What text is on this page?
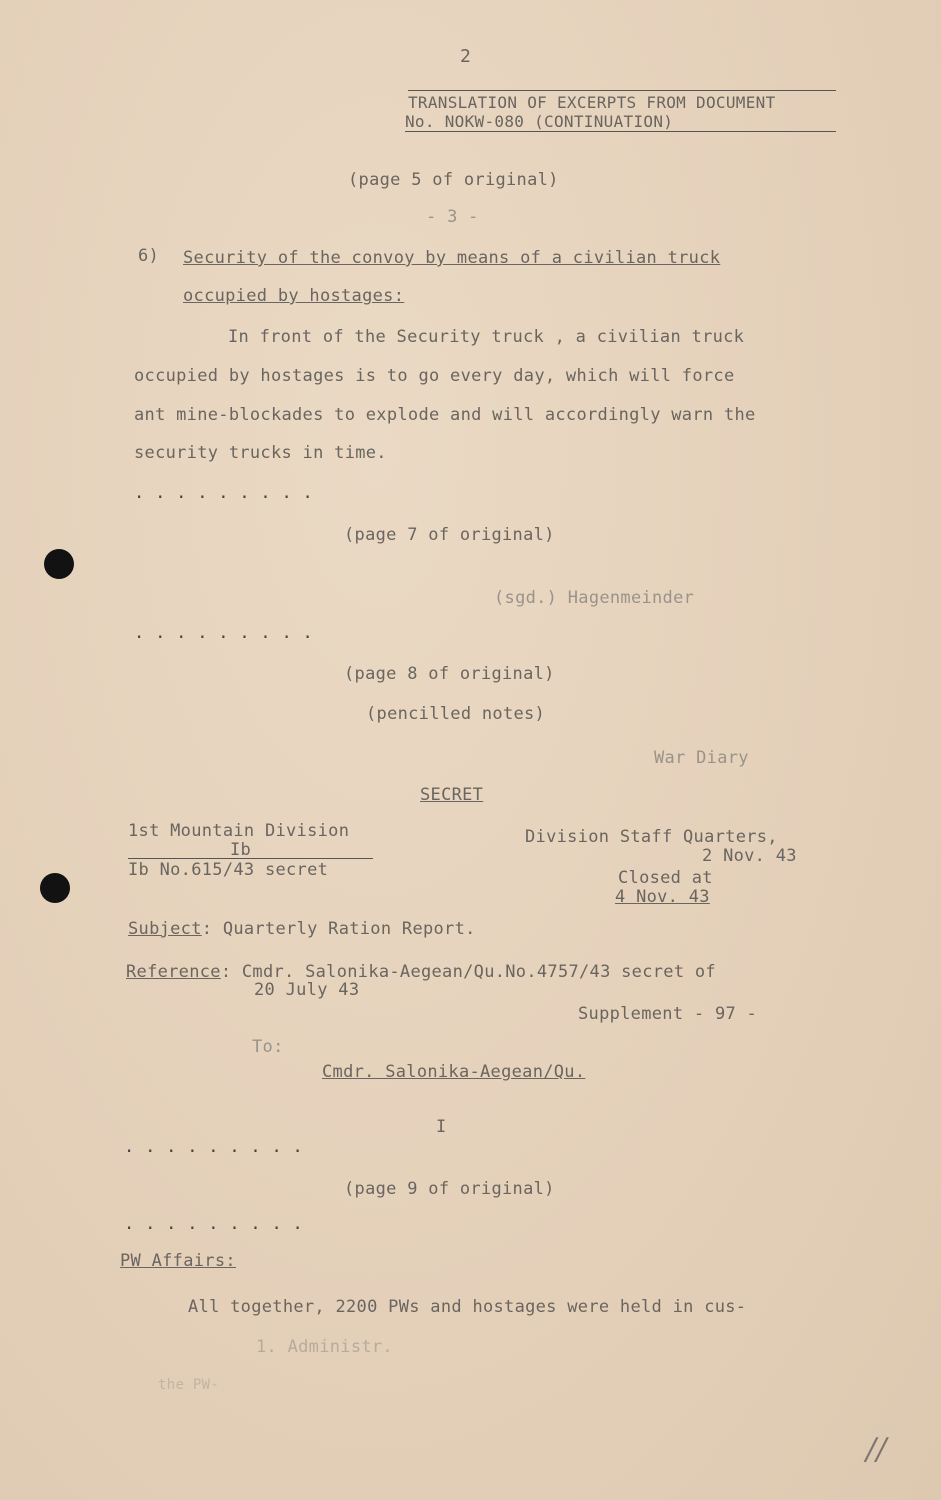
2
TRANSLATION OF EXCERPTS FROM DOCUMENT
No. NOKW-080 (CONTINUATION)
(page 5 of original)
- 3 -
6) Security of the convoy by means of a civilian truck
occupied by hostages:
In front of the Security truck , a civilian truck
occupied by hostages is to go every day, which will force
ant mine-blockades to explode and will accordingly warn the
security trucks in time.
. . . . . . . . .
(page 7 of original)
(sgd.) Hagenmeinder
. . . . . . . . .
(page 8 of original)
(pencilled notes)
War Diary
SECRET
1st Mountain Division
Ib
Ib No.615/43 secret
Division Staff Quarters,
2 Nov. 43
Closed at
4 Nov. 43
Subject: Quarterly Ration Report.
Reference: Cmdr. Salonika-Aegean/Qu.No.4757/43 secret of
20 July 43
Supplement - 97 -
To:
Cmdr. Salonika-Aegean/Qu.
I
. . . . . . . . .
(page 9 of original)
. . . . . . . . .
PW Affairs:
All together, 2200 PWs and hostages were held in cus-
1. Administr.
the PW-
//
